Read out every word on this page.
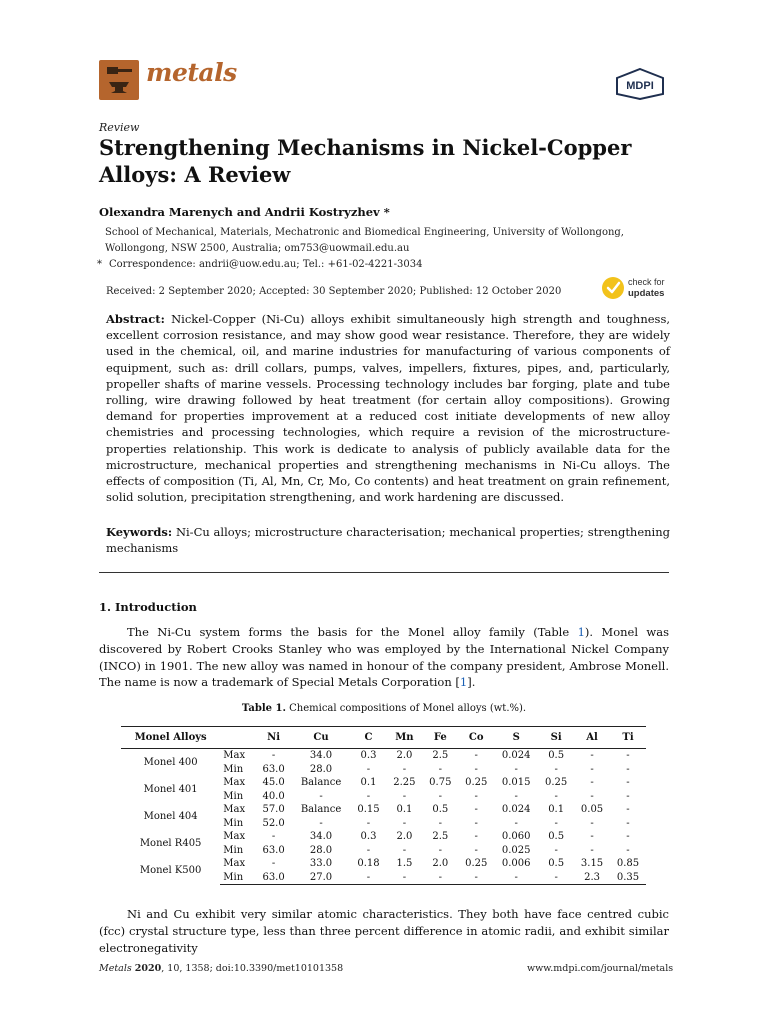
metals	MDPI
Review
Strengthening Mechanisms in Nickel-Copper Alloys: A Review
Olexandra Marenych and Andrii Kostryzhev *
School of Mechanical, Materials, Mechatronic and Biomedical Engineering, University of Wollongong, Wollongong, NSW 2500, Australia; om753@uowmail.edu.au
* Correspondence: andrii@uow.edu.au; Tel.: +61-02-4221-3034
check for
updates
Received: 2 September 2020; Accepted: 30 September 2020; Published: 12 October 2020
Abstract: Nickel-Copper (Ni-Cu) alloys exhibit simultaneously high strength and toughness, excellent corrosion resistance, and may show good wear resistance. Therefore, they are widely used in the chemical, oil, and marine industries for manufacturing of various components of equipment, such as: drill collars, pumps, valves, impellers, fixtures, pipes, and, particularly, propeller shafts of marine vessels. Processing technology includes bar forging, plate and tube rolling, wire drawing followed by heat treatment (for certain alloy compositions). Growing demand for properties improvement at a reduced cost initiate developments of new alloy chemistries and processing technologies, which require a revision of the microstructure-properties relationship. This work is dedicate to analysis of publicly available data for the microstructure, mechanical properties and strengthening mechanisms in Ni-Cu alloys. The effects of composition (Ti, Al, Mn, Cr, Mo, Co contents) and heat treatment on grain refinement, solid solution, precipitation strengthening, and work hardening are discussed.
Keywords: Ni-Cu alloys; microstructure characterisation; mechanical properties; strengthening mechanisms
1. Introduction
The Ni-Cu system forms the basis for the Monel alloy family (Table 1). Monel was discovered by Robert Crooks Stanley who was employed by the International Nickel Company (INCO) in 1901. The new alloy was named in honour of the company president, Ambrose Monell. The name is now a trademark of Special Metals Corporation [1].
Table 1. Chemical compositions of Monel alloys (wt.%).
Monel Alloys		Ni	Cu	C	Mn	Fe	Co	S	Si	Al	Ti
Monel 400	Max	-	34.0	0.3	2.0	2.5	-	0.024	0.5	-	-
	Min	63.0	28.0	-	-	-	-	-	-	-	-
Monel 401	Max	45.0	Balance	0.1	2.25	0.75	0.25	0.015	0.25	-	-
	Min	40.0	-	-	-	-	-	-	-	-	-
Monel 404	Max	57.0	Balance	0.15	0.1	0.5	-	0.024	0.1	0.05	-
	Min	52.0	-	-	-	-	-	-	-	-	-
Monel R405	Max	-	34.0	0.3	2.0	2.5	-	0.060	0.5	-	-
	Min	63.0	28.0	-	-	-	-	0.025	-	-	-
Monel K500	Max	-	33.0	0.18	1.5	2.0	0.25	0.006	0.5	3.15	0.85
	Min	63.0	27.0	-	-	-	-	-	-	2.3	0.35
Ni and Cu exhibit very similar atomic characteristics. They both have face centred cubic (fcc) crystal structure type, less than three percent difference in atomic radii, and exhibit similar electronegativity
Metals 2020, 10, 1358; doi:10.3390/met10101358	www.mdpi.com/journal/metals
